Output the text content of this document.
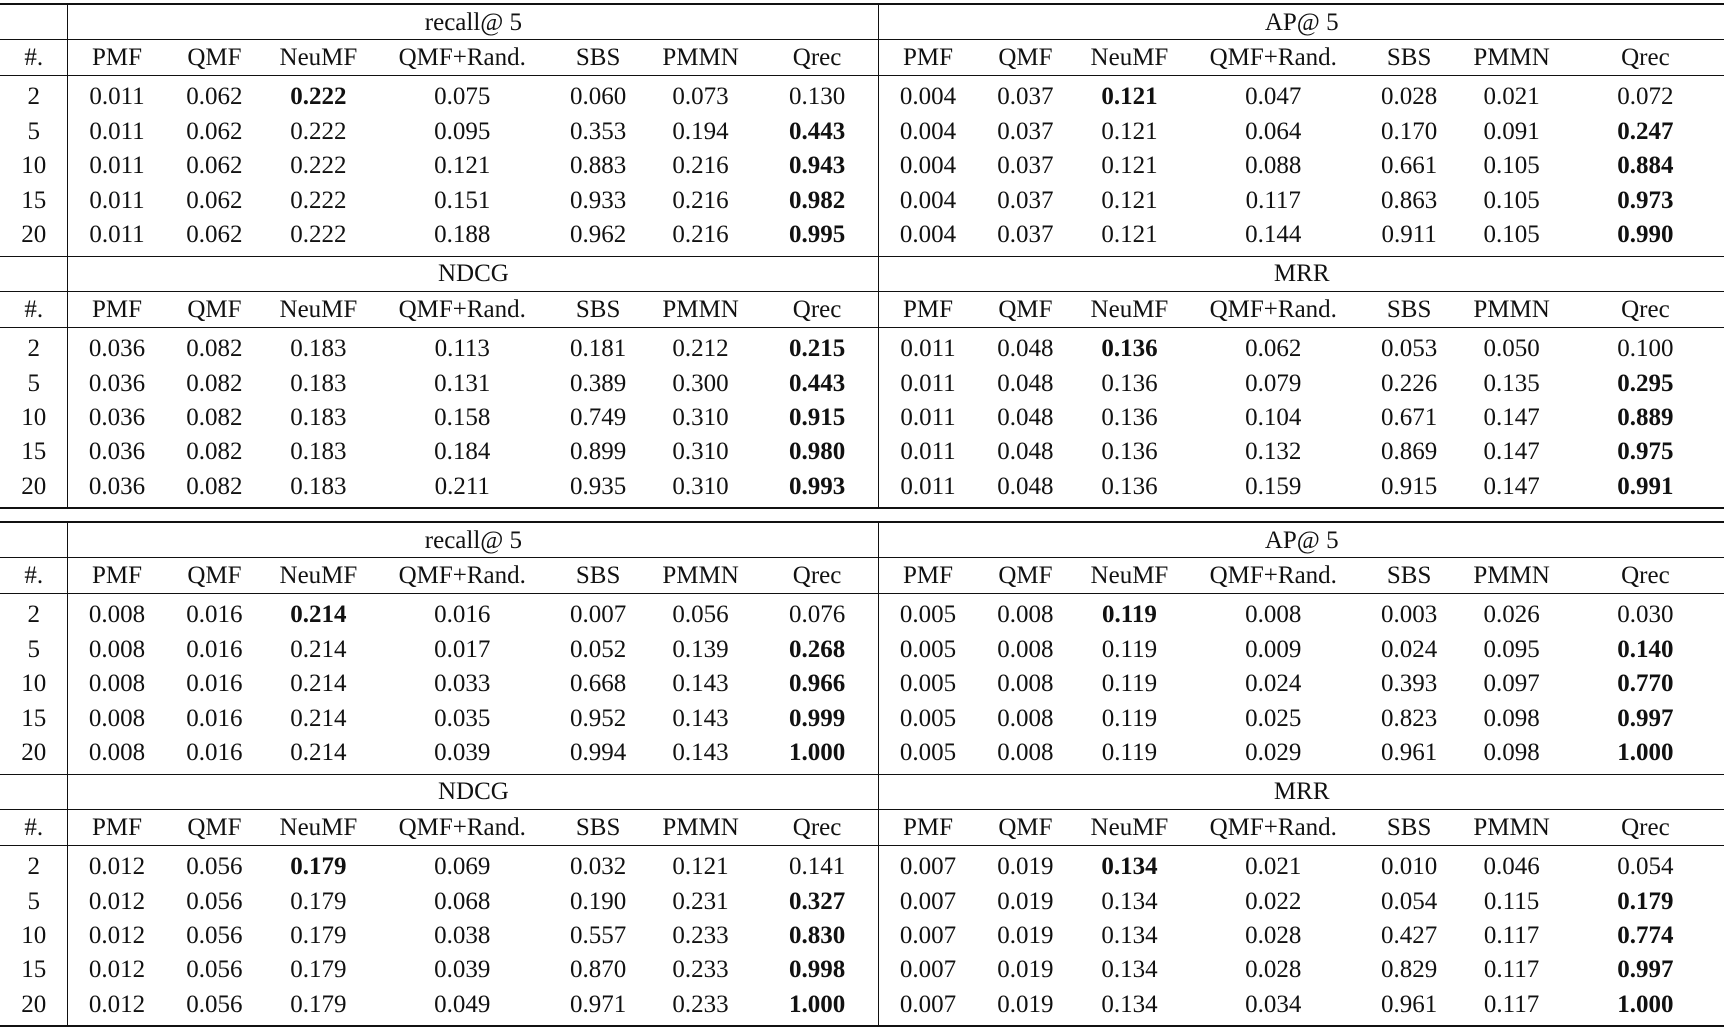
	recall@ 5							AP@ 5						
#.	PMF	QMF	NeuMF	QMF+Rand.	SBS	PMMN	Qrec	PMF	QMF	NeuMF	QMF+Rand.	SBS	PMMN	Qrec
2	0.011	0.062	0.222	0.075	0.060	0.073	0.130	0.004	0.037	0.121	0.047	0.028	0.021	0.072
5	0.011	0.062	0.222	0.095	0.353	0.194	0.443	0.004	0.037	0.121	0.064	0.170	0.091	0.247
10	0.011	0.062	0.222	0.121	0.883	0.216	0.943	0.004	0.037	0.121	0.088	0.661	0.105	0.884
15	0.011	0.062	0.222	0.151	0.933	0.216	0.982	0.004	0.037	0.121	0.117	0.863	0.105	0.973
20	0.011	0.062	0.222	0.188	0.962	0.216	0.995	0.004	0.037	0.121	0.144	0.911	0.105	0.990
	NDCG							MRR						
#.	PMF	QMF	NeuMF	QMF+Rand.	SBS	PMMN	Qrec	PMF	QMF	NeuMF	QMF+Rand.	SBS	PMMN	Qrec
2	0.036	0.082	0.183	0.113	0.181	0.212	0.215	0.011	0.048	0.136	0.062	0.053	0.050	0.100
5	0.036	0.082	0.183	0.131	0.389	0.300	0.443	0.011	0.048	0.136	0.079	0.226	0.135	0.295
10	0.036	0.082	0.183	0.158	0.749	0.310	0.915	0.011	0.048	0.136	0.104	0.671	0.147	0.889
15	0.036	0.082	0.183	0.184	0.899	0.310	0.980	0.011	0.048	0.136	0.132	0.869	0.147	0.975
20	0.036	0.082	0.183	0.211	0.935	0.310	0.993	0.011	0.048	0.136	0.159	0.915	0.147	0.991
	recall@ 5							AP@ 5						
#.	PMF	QMF	NeuMF	QMF+Rand.	SBS	PMMN	Qrec	PMF	QMF	NeuMF	QMF+Rand.	SBS	PMMN	Qrec
2	0.008	0.016	0.214	0.016	0.007	0.056	0.076	0.005	0.008	0.119	0.008	0.003	0.026	0.030
5	0.008	0.016	0.214	0.017	0.052	0.139	0.268	0.005	0.008	0.119	0.009	0.024	0.095	0.140
10	0.008	0.016	0.214	0.033	0.668	0.143	0.966	0.005	0.008	0.119	0.024	0.393	0.097	0.770
15	0.008	0.016	0.214	0.035	0.952	0.143	0.999	0.005	0.008	0.119	0.025	0.823	0.098	0.997
20	0.008	0.016	0.214	0.039	0.994	0.143	1.000	0.005	0.008	0.119	0.029	0.961	0.098	1.000
	NDCG							MRR						
#.	PMF	QMF	NeuMF	QMF+Rand.	SBS	PMMN	Qrec	PMF	QMF	NeuMF	QMF+Rand.	SBS	PMMN	Qrec
2	0.012	0.056	0.179	0.069	0.032	0.121	0.141	0.007	0.019	0.134	0.021	0.010	0.046	0.054
5	0.012	0.056	0.179	0.068	0.190	0.231	0.327	0.007	0.019	0.134	0.022	0.054	0.115	0.179
10	0.012	0.056	0.179	0.038	0.557	0.233	0.830	0.007	0.019	0.134	0.028	0.427	0.117	0.774
15	0.012	0.056	0.179	0.039	0.870	0.233	0.998	0.007	0.019	0.134	0.028	0.829	0.117	0.997
20	0.012	0.056	0.179	0.049	0.971	0.233	1.000	0.007	0.019	0.134	0.034	0.961	0.117	1.000
